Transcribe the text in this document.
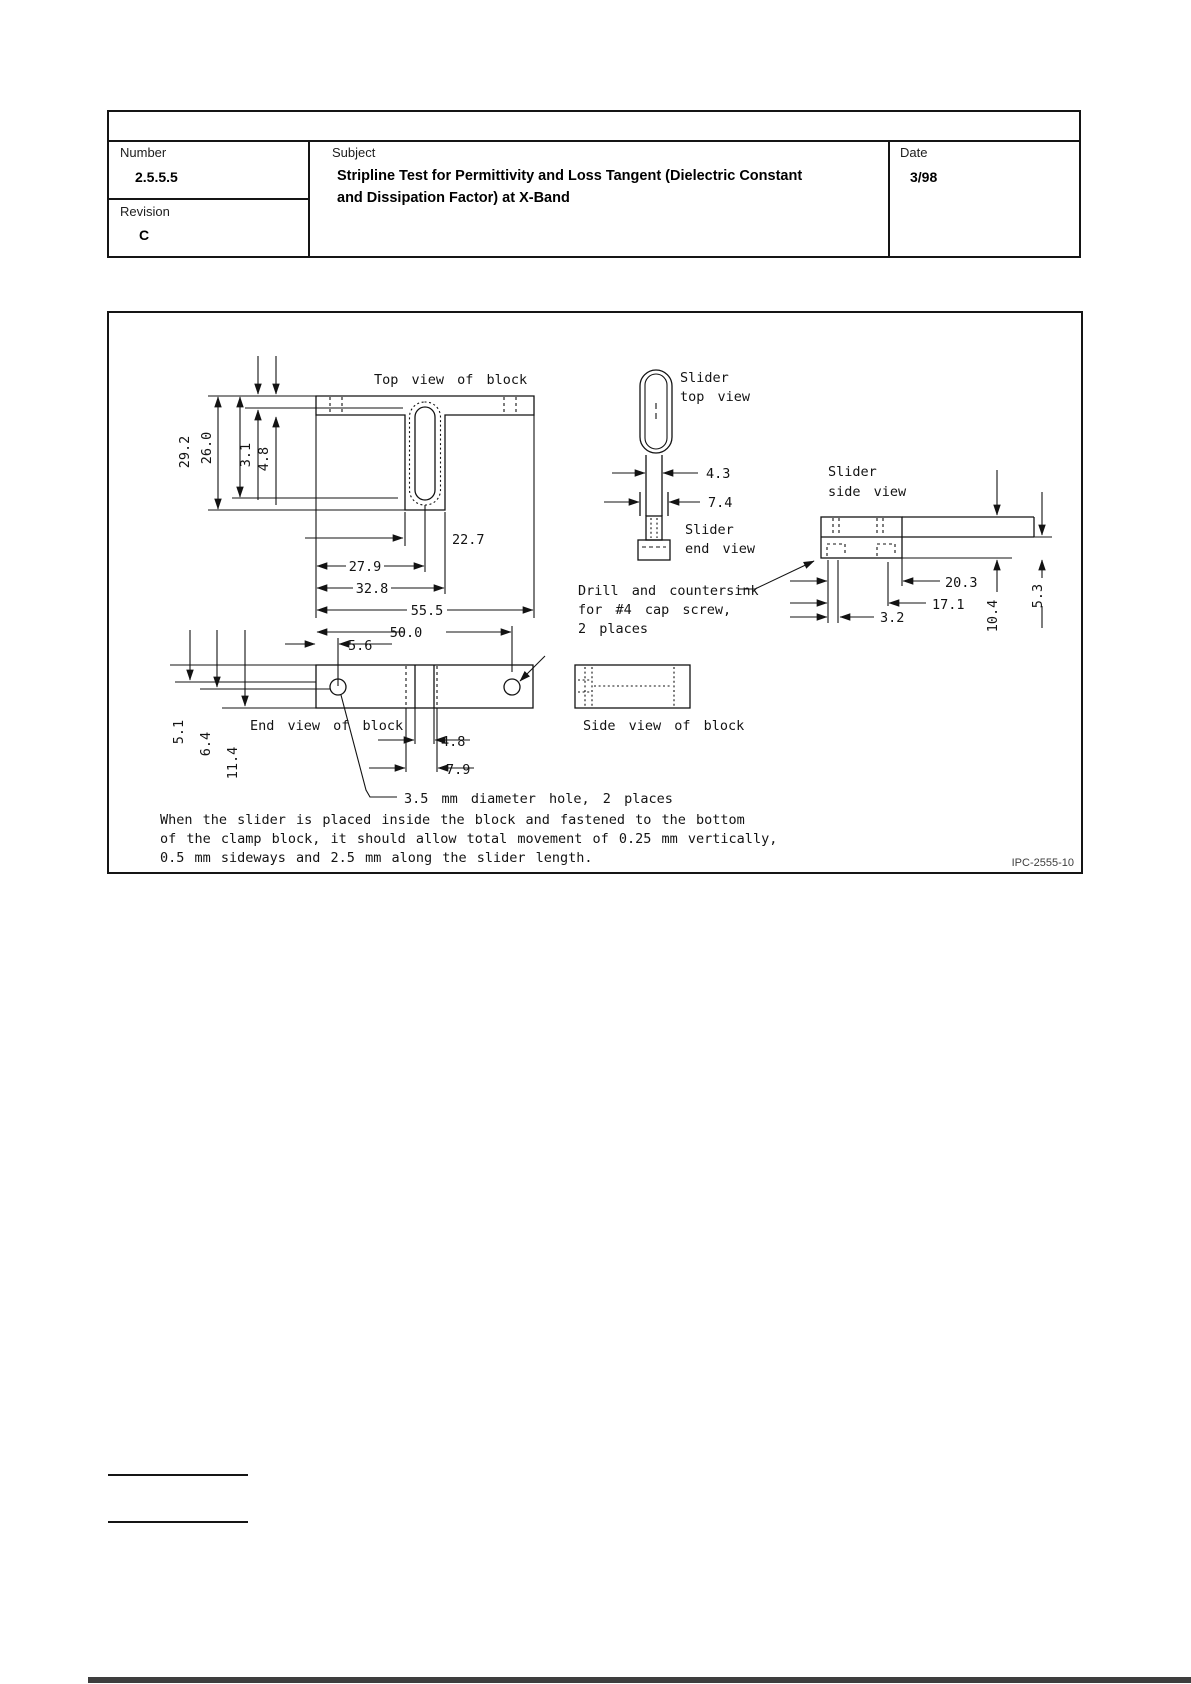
Number
2.5.5.5
Revision
C
Subject
Stripline Test for Permittivity and Loss Tangent (Dielectric Constant
and Dissipation Factor) at X-Band
Date
3/98
Top view of block
29.2 26.0 3.1 4.8
22.7
27.9
32.8
55.5
50.0
5.6
5.1 6.4
11.4
4.8
7.9
End view of block
3.5 mm diameter hole, 2 places
Slider
top view
4.3
7.4
Slider
end view
Slider
side view
10.4
5.3
20.3
17.1
3.2
Drill and countersink
for #4 cap screw,
2 places
Side view of block
When the slider is placed inside the block and fastened to the bottom
of the clamp block, it should allow total movement of 0.25 mm vertically,
0.5 mm sideways and 2.5 mm along the slider length.	IPC-2555-10
